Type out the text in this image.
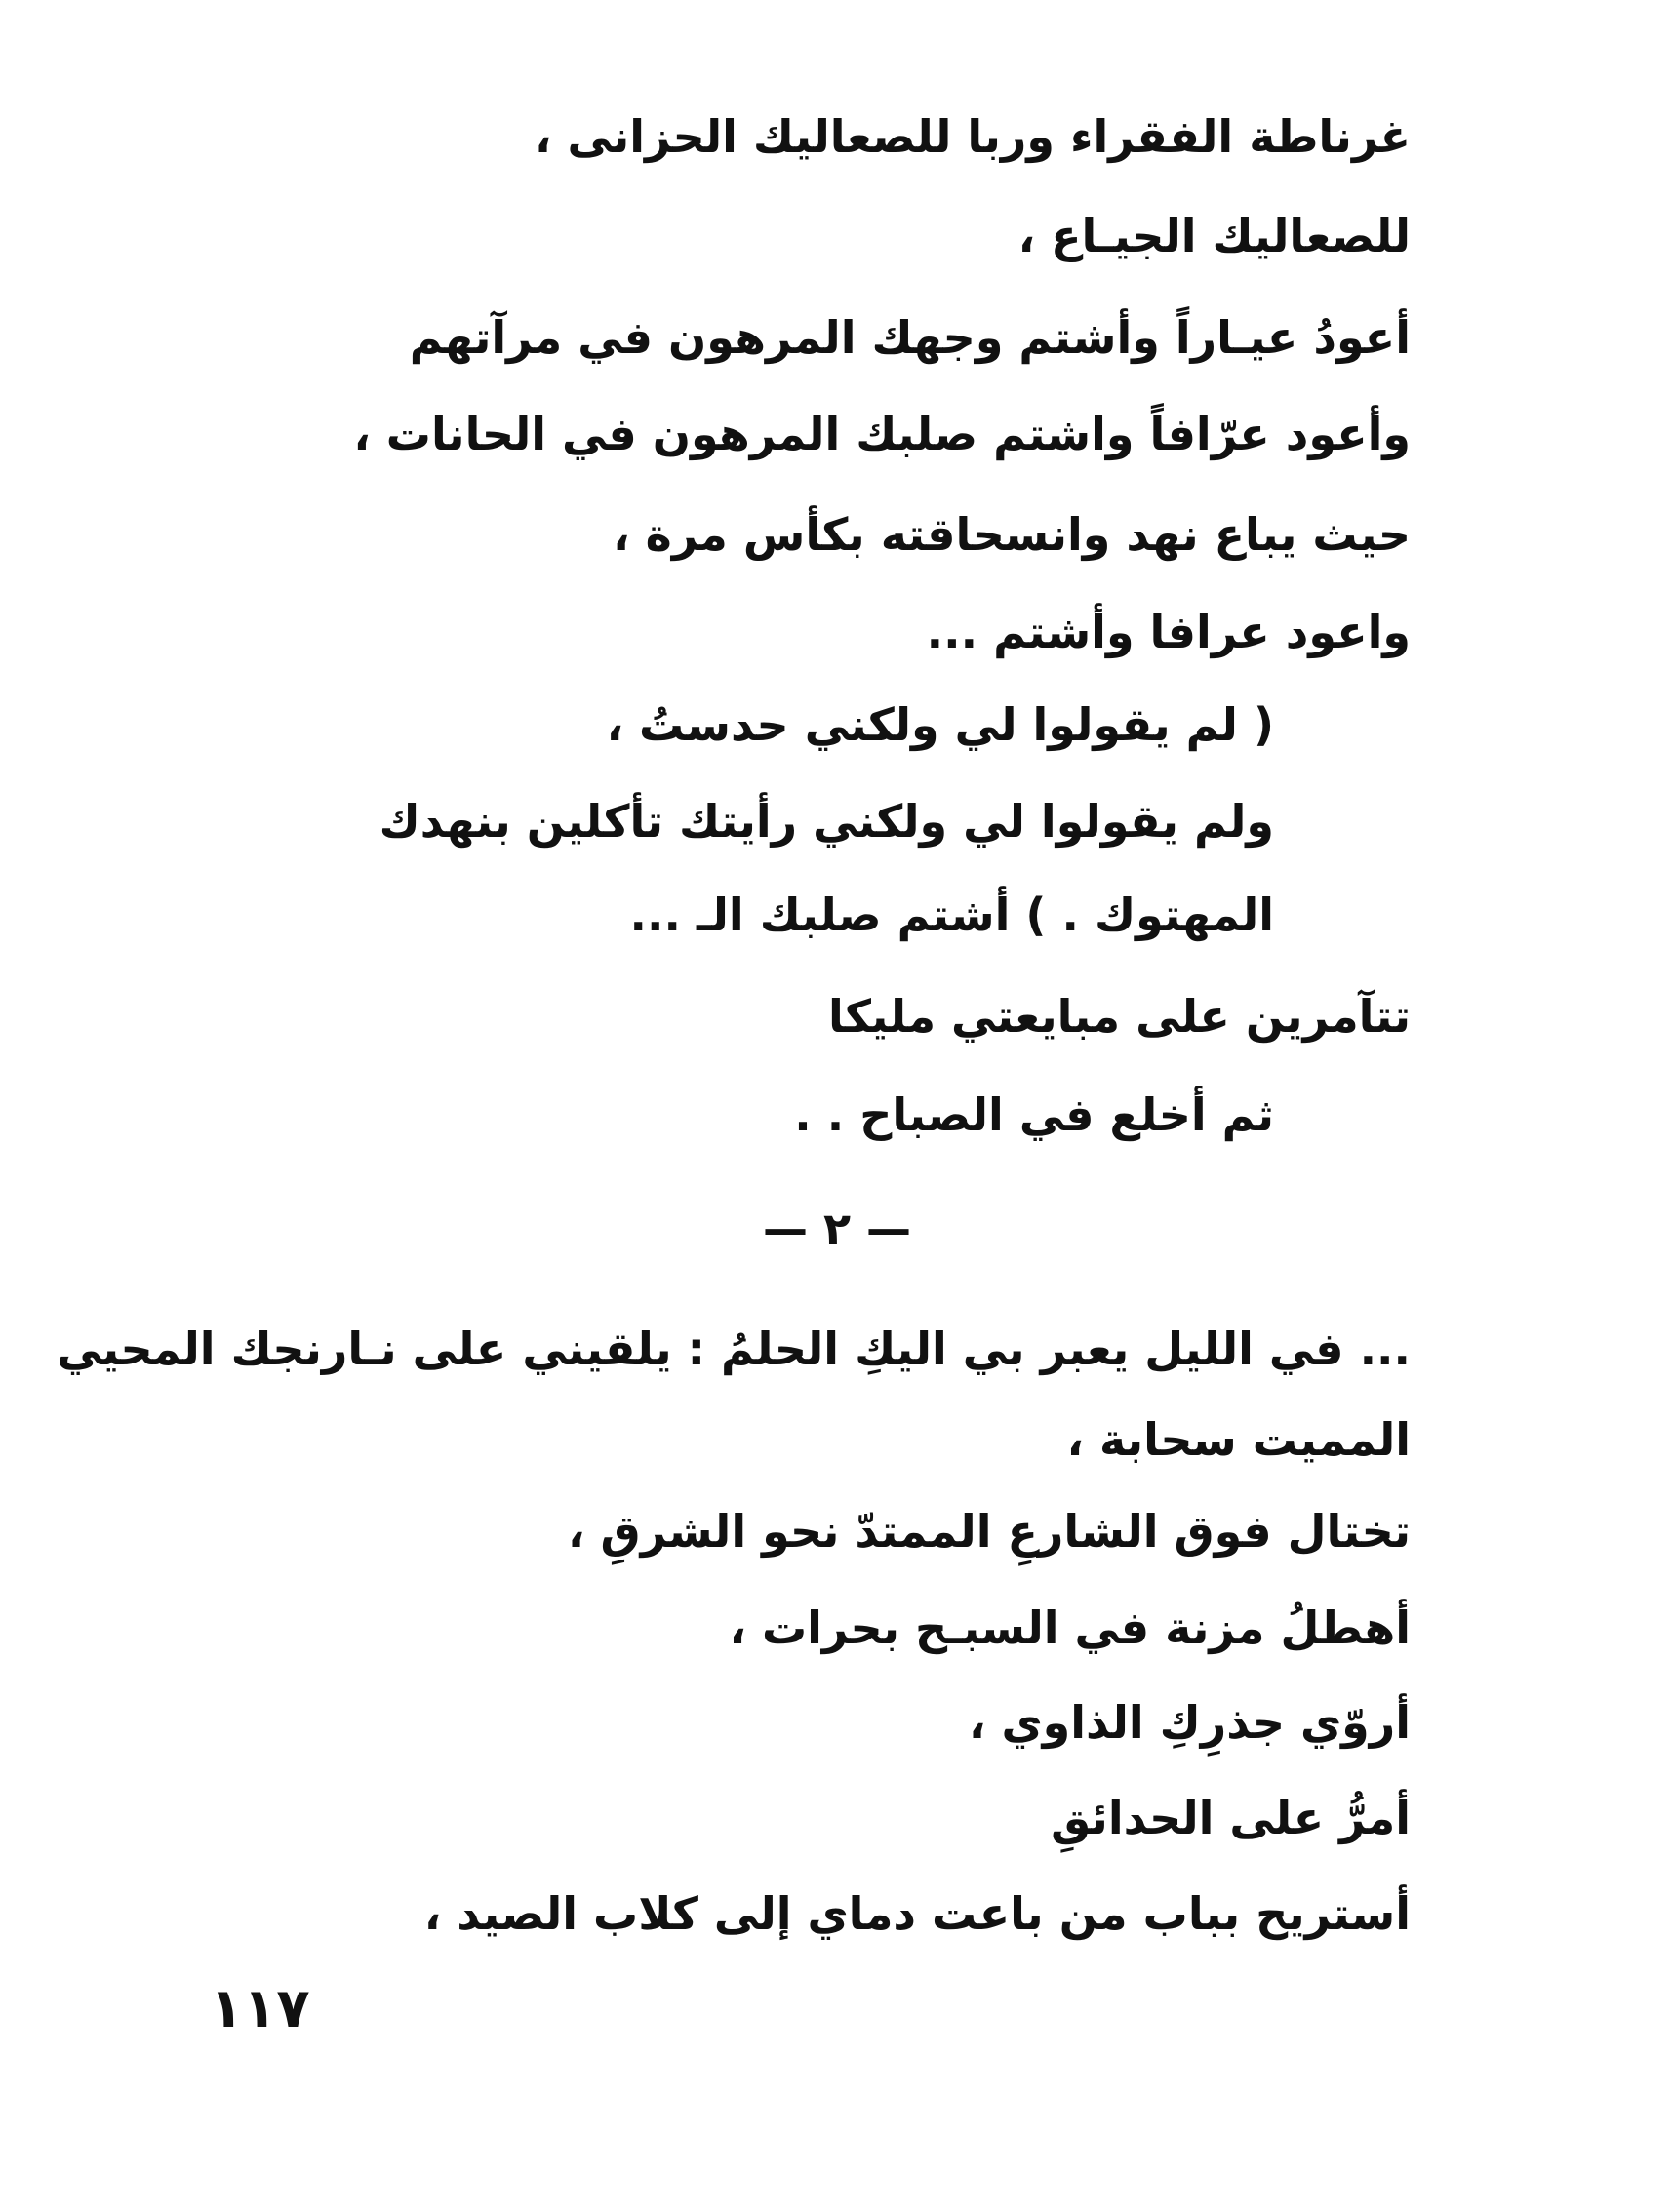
غرناطة الفقراء وربا للصعاليك الحزانى ،
للصعاليك الجيـاع ،
أعودُ عيـاراً وأشتم وجهك المرهون في مرآتهم
وأعود عرّافاً واشتم صلبك المرهون في الحانات ،
حيث يباع نهد وانسحاقته بكأس مرة ،
واعود عرافا وأشتم ...
( لم يقولوا لي ولكني حدستُ ،
ولم يقولوا لي ولكني رأيتك تأكلين بنهدك
المهتوك . ) أشتم صلبك الـ ...
تتآمرين على مبايعتي مليكا
ثم أخلع في الصباح . .
— ٢ —
... في الليل يعبر بي اليكِ الحلمُ : يلقيني على نـارنجك المحيي
المميت سحابة ،
تختال فوق الشارعِ الممتدّ نحو الشرقِ ،
أهطلُ مزنة في السبـح بحرات ،
أروّي جذرِكِ الذاوي ،
أمرُّ على الحدائقِ
أستريح بباب من باعت دماي إلى كلاب الصيد ،
١١٧
